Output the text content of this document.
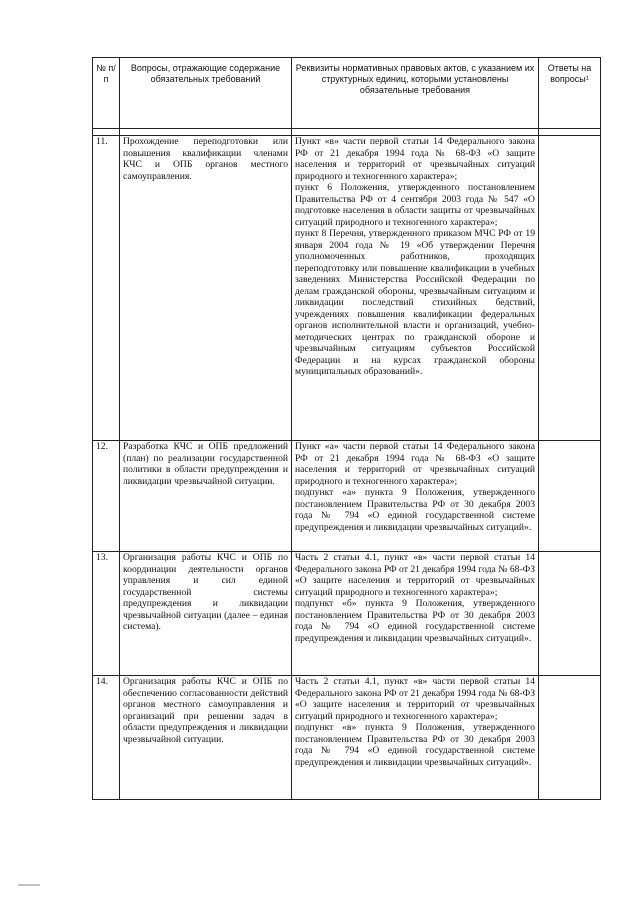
№ п/п	Вопросы, отражающие содержание обязательных требований	Реквизиты нормативных правовых актов, с указанием их структурных единиц, которыми установлены обязательные требования	Ответы на вопросы¹

11.	Прохождение переподготовки или повышения квалификации членами КЧС и ОПБ органов местного самоуправления.	Пункт «в» части первой статьи 14 Федерального закона РФ от 21 декабря 1994 года № 68-ФЗ «О защите населения и территорий от чрезвычайных ситуаций природного и техногенного характера»;
пункт 6 Положения, утвержденного постановлением Правительства РФ от 4 сентября 2003 года № 547 «О подготовке населения в области защиты от чрезвычайных ситуаций природного и техногенного характера»;
пункт 8 Перечня, утвержденного приказом МЧС РФ от 19 января 2004 года № 19 «Об утверждении Перечня уполномоченных работников, проходящих переподготовку или повышение квалификации в учебных заведениях Министерства Российской Федерации по делам гражданской обороны, чрезвычайным ситуациям и ликвидации последствий стихийных бедствий, учреждениях повышения квалификации федеральных органов исполнительной власти и организаций, учебно-методических центрах по гражданской обороне и чрезвычайным ситуациям субъектов Российской Федерации и на курсах гражданской обороны муниципальных образований».	
12.	Разработка КЧС и ОПБ предложений (план) по реализации государственной политики в области предупреждения и ликвидации чрезвычайной ситуации.	Пункт «а» части первой статьи 14 Федерального закона РФ от 21 декабря 1994 года № 68-ФЗ «О защите населения и территорий от чрезвычайных ситуаций природного и техногенного характера»;
подпункт «а» пункта 9 Положения, утвержденного постановлением Правительства РФ от 30 декабря 2003 года № 794 «О единой государственной системе предупреждения и ликвидации чрезвычайных ситуаций».	
13.	Организация работы КЧС и ОПБ по координации деятельности органов управления и сил единой государственной системы предупреждения и ликвидации чрезвычайной ситуации (далее – единая система).	Часть 2 статьи 4.1, пункт «в» части первой статьи 14 Федерального закона РФ от 21 декабря 1994 года № 68-ФЗ «О защите населения и территорий от чрезвычайных ситуаций природного и техногенного характера»;
подпункт «б» пункта 9 Положения, утвержденного постановлением Правительства РФ от 30 декабря 2003 года № 794 «О единой государственной системе предупреждения и ликвидации чрезвычайных ситуаций».	
14.	Организация работы КЧС и ОПБ по обеспечению согласованности действий органов местного самоуправления и организаций при решении задач в области предупреждения и ликвидации чрезвычайной ситуации.	Часть 2 статьи 4.1, пункт «в» части первой статьи 14 Федерального закона РФ от 21 декабря 1994 года № 68-ФЗ «О защите населения и территорий от чрезвычайных ситуаций природного и техногенного характера»;
подпункт «в» пункта 9 Положения, утвержденного постановлением Правительства РФ от 30 декабря 2003 года № 794 «О единой государственной системе предупреждения и ликвидации чрезвычайных ситуаций».	
